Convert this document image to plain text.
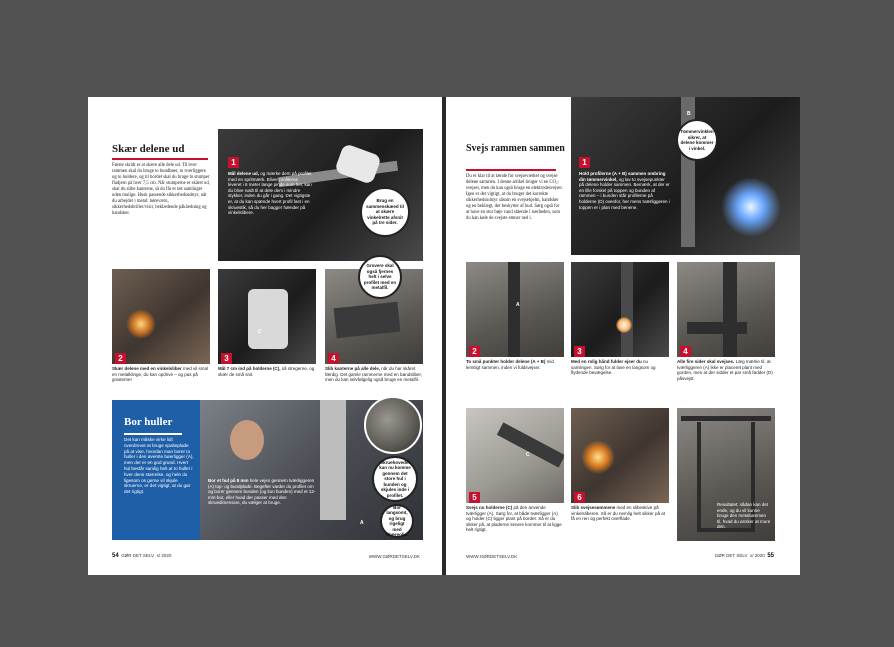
Skær delene ud
Første skridt er at skære alle dele ud. Til bver rammen skal du bruge to bundbøer, to tværliggere og to holdere, og til bordet skal du bruge to stumper fladjern på hver 7,5 cm. Når stumperne er skåret ud, skal du slibe kanterne, så du får et tæt samlinger uden mulige. Husk passende sikkerhedsudstyr, når du arbejder i metal: høreværn, sikkerhedsbriller/visir, beklædende påklædning og handsker.
1
Mål delene ud, og mærke dem på profilet med en spritmærk. Bliver profilerne leveret i 6 meter lange pinde som her, kan du blive nødt til at dele dem i mindre stykker, inden du går i gang. Det vigtigste er, at du kan spænde hvert profil fast i en skruestik, så du her bagger hænder på vinkelslibere.
Brug en sammenskæed til at skære vinkelrette afsnit på tre sider.
2
C
3	4
Grovere skal også fjernes helt i selve profilet med en metalfil.
Skær delene med en vinkelsliber med vil smal en metalklinge, du kan opdrive – og pas på gnisterne!
Mål 7 cm ind på holderne (C), så stregerne, og skær de små snit.
Slib kanterne på alle dele, når du har skåret færdig. Det gamle rammerne med en bøndsliber, men du kan selvfølgelig også bruge en metalfil.
Bor huller
Det kan måske virke lidt overdrevet at bruge spalteplade på at vise, hvordan man borer to huller i den øverste bøerligger (A), men der er en god grund. Hvert hul består samlig helt at to huller i hver dens størrelse, og hele du ligesom os gerne vil skjule skruerne, er det vigtigt, at du gør det rigtigt.
Bor et hul på 8 mm hele vejen gennem tværliggeren (A) top- og bundplade. Begefter varder du profilet om og borer gennem bunden (og kun bunden) med et 12-mm-bor, eller hvad der passer med den skruedimension, du vælger at bruge.
A
Skruehovedet kan nu komme gennem det store hul i bunden og skjules inde i profilet.
Bor langsomt, og brug rigeligt med skæreolie.
54 GØR DET SELV x/ 2020	WWW.GØRDETSELV.DK
Svejs rammen sammen
Du er klar til at tænde for svejseværket og svejse delene sammen. I denne artikel bruger vi en CO₂-svejser, men du kan også bruge en elektrodesvejser. Igen er det vigtigt, at du bruger det korrekte sikkerhedsudstyr såsom en svejsehjelm, handsker og en beklægt, der beskytter af hud. Sørg også for at have en stor bøje vand stående i nærheden, som du kan køle de svejste emner ned i.
B
1
Hold profilerne (A + B) sammen ombring din tømmervinkel, og lav to svejsepunkter på delene holder sammen. Bemærk, at der er en lille forskel på toppen og bunden af rammen – i bunden står profilerne på holderne (D) ovenfor, her mens tværliggeren i toppen er i plan med benene.
Tømmervinklen sikrer, at delene kommer i vinkel.
A
2	3	4
To små punkter holder delene (A + B) mid lemtligt sammen, inden vi fuldsvejser.
Med en rolig hånd fulder ejser du nu samlingen. Sørg for at lave en langsom og flydende bevægelse.
Alle fire sider skal svejses. Læg mærke til, at tværliggeren (A) ikke er placeret plant med gorden, men at der sidder et par små fødder (D) påsvejst.
C
5	6
Resultatet: sådan kan det ende, og du vil kunne bruge den metalrammen til, hvad du ønsker at mure den.
Svejs nu holderne (C) på den anvende tværligger (A). Sørg for, at både tværligger (A) og holder (C) ligger plant på bordet. Så er du sikker på, at pladerne senere kommer til at ligge helt rigtigt.
Slib svejsesømmene med en slibeskive på vinkelsliberen. Så er du nemlig helt sikker på at få en ren og perfekt overflade.
WWW.GØRDETSELV.DK	GØR DET SELV x/ 2020 55
